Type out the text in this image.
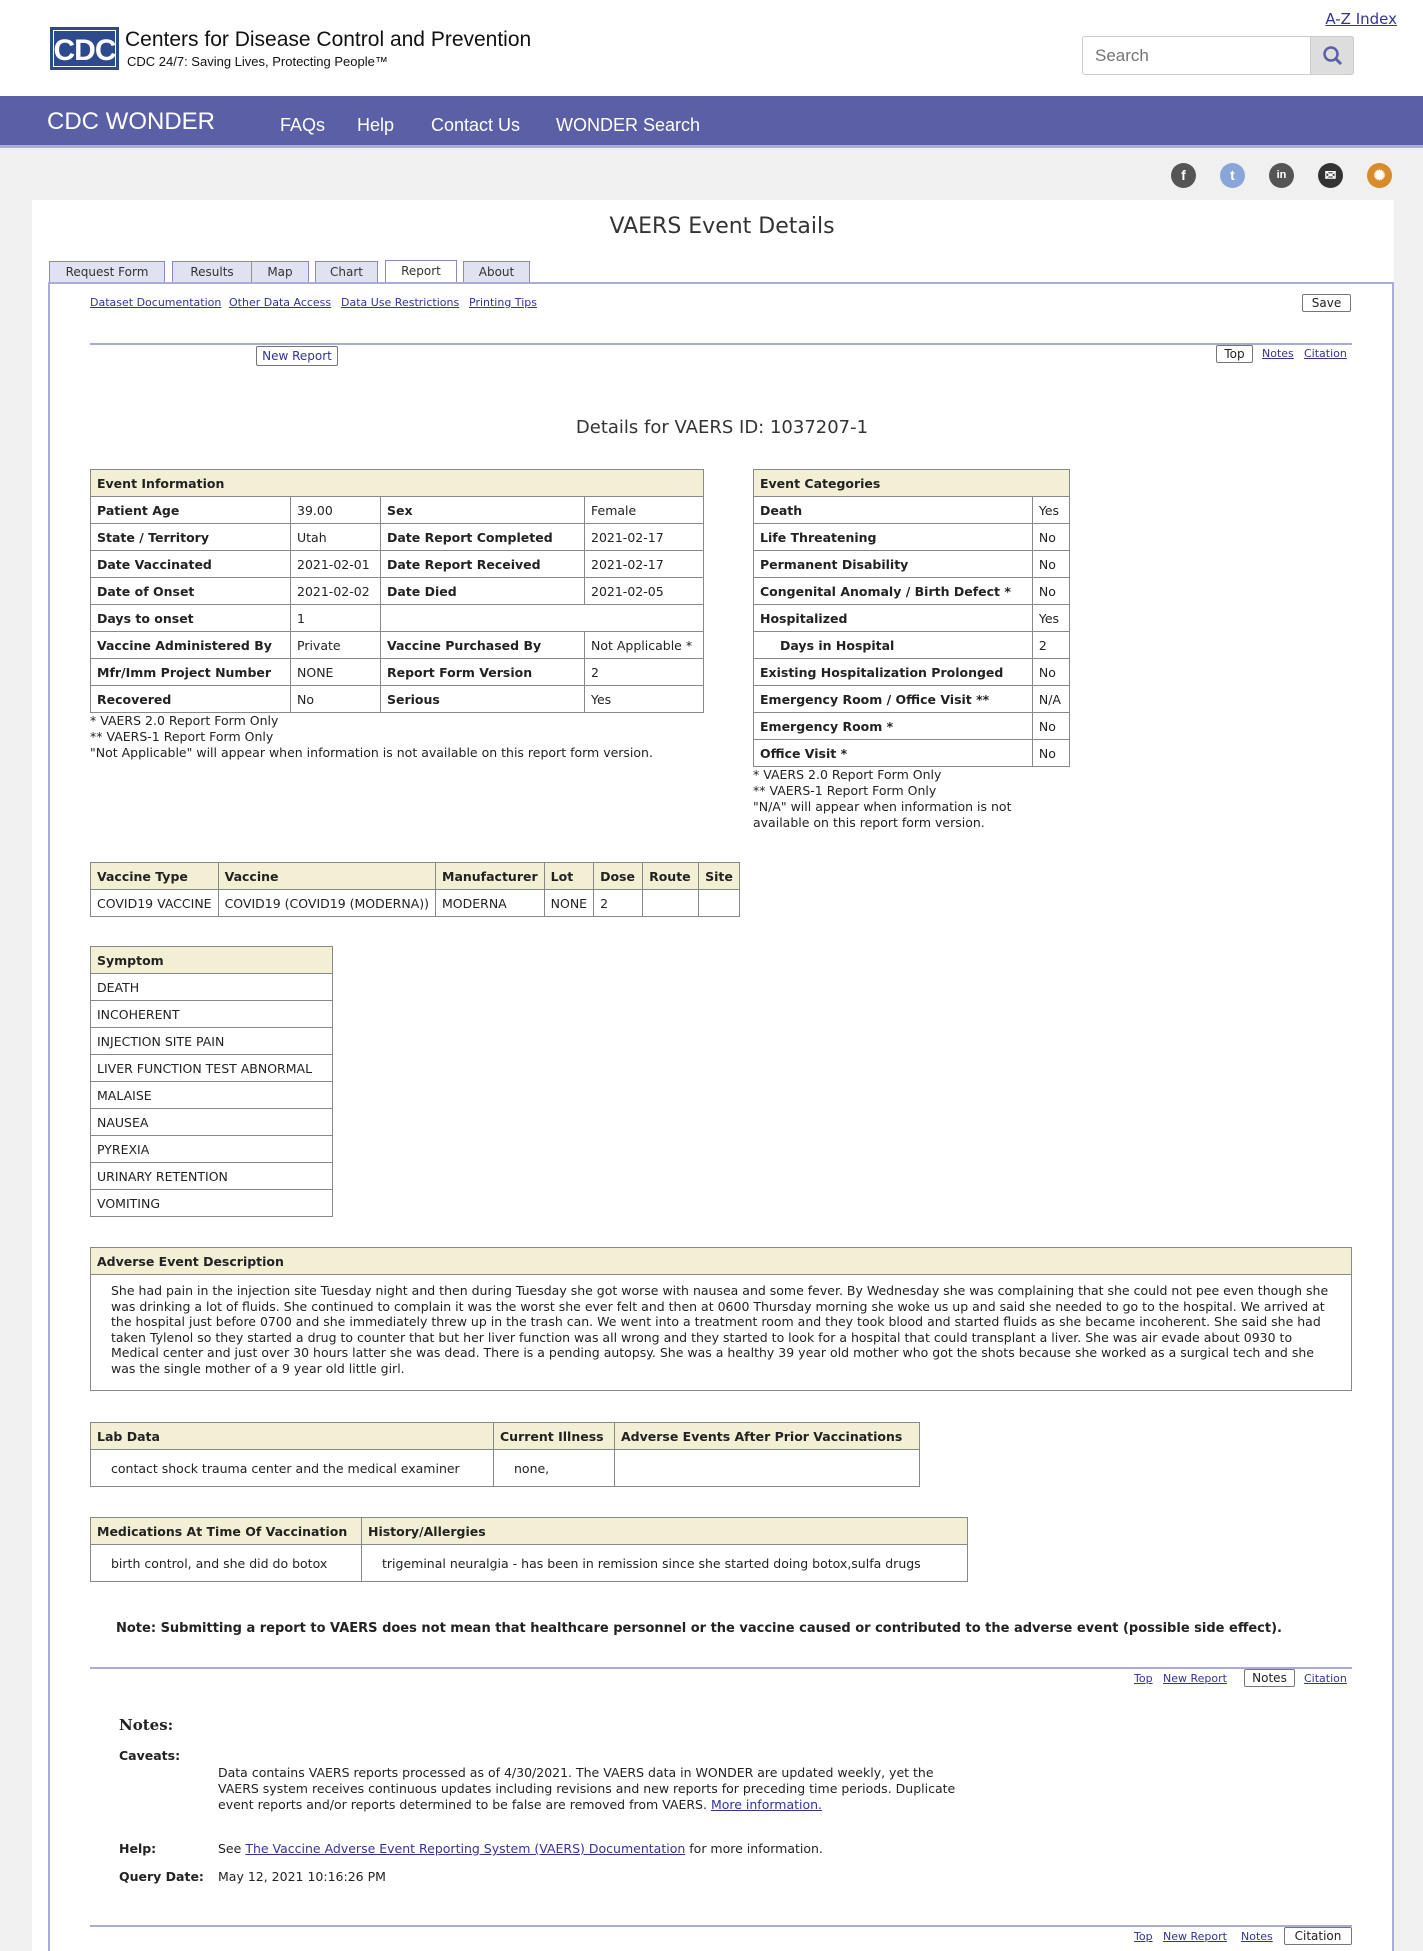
CDC Centers for Disease Control and Prevention
CDC 24/7: Saving Lives, Protecting People™
A-Z Index
Search
CDC WONDER	FAQs Help Contact Us WONDER Search
f	t	in	✉	✺
VAERS Event Details
Request Form	Results	Map	Chart	Report	About
Dataset Documentation Other Data Access Data Use Restrictions Printing Tips	Save
New Report	Top	Notes Citation
Details for VAERS ID: 1037207-1
Event Information			
Patient Age	39.00	Sex	Female
State / Territory	Utah	Date Report Completed	2021-02-17
Date Vaccinated	2021-02-01	Date Report Received	2021-02-17
Date of Onset	2021-02-02	Date Died	2021-02-05
Days to onset	1		
Vaccine Administered By	Private	Vaccine Purchased By	Not Applicable *
Mfr/Imm Project Number	NONE	Report Form Version	2
Recovered	No	Serious	Yes
* VAERS 2.0 Report Form Only
** VAERS-1 Report Form Only
"Not Applicable" will appear when information is not available on this report form version.
Event Categories	
Death	Yes
Life Threatening	No
Permanent Disability	No
Congenital Anomaly / Birth Defect *	No
Hospitalized	Yes
Days in Hospital	2
Existing Hospitalization Prolonged	No
Emergency Room / Office Visit **	N/A
Emergency Room *	No
Office Visit *	No
* VAERS 2.0 Report Form Only
** VAERS-1 Report Form Only
"N/A" will appear when information is not
available on this report form version.
Vaccine Type	Vaccine	Manufacturer	Lot	Dose	Route	Site
COVID19 VACCINE	COVID19 (COVID19 (MODERNA))	MODERNA	NONE	2		
Symptom
DEATH
INCOHERENT
INJECTION SITE PAIN
LIVER FUNCTION TEST ABNORMAL
MALAISE
NAUSEA
PYREXIA
URINARY RETENTION
VOMITING
Adverse Event Description
She had pain in the injection site Tuesday night and then during Tuesday she got worse with nausea and some fever. By Wednesday she was complaining that she could not pee even though she was drinking a lot of fluids. She continued to complain it was the worst she ever felt and then at 0600 Thursday morning she woke us up and said she needed to go to the hospital. We arrived at the hospital just before 0700 and she immediately threw up in the trash can. We went into a treatment room and they took blood and started fluids as she became incoherent. She said she had taken Tylenol so they started a drug to counter that but her liver function was all wrong and they started to look for a hospital that could transplant a liver. She was air evade about 0930 to Medical center and just over 30 hours latter she was dead. There is a pending autopsy. She was a healthy 39 year old mother who got the shots because she worked as a surgical tech and she was the single mother of a 9 year old little girl.
Lab Data	Current Illness	Adverse Events After Prior Vaccinations
contact shock trauma center and the medical examiner	none,	
Medications At Time Of Vaccination	History/Allergies
birth control, and she did do botox	trigeminal neuralgia - has been in remission since she started doing botox,sulfa drugs
Note: Submitting a report to VAERS does not mean that healthcare personnel or the vaccine caused or contributed to the adverse event (possible side effect).
Top New Report	Notes	Citation
Notes:
Caveats:
Data contains VAERS reports processed as of 4/30/2021. The VAERS data in WONDER are updated weekly, yet the
VAERS system receives continuous updates including revisions and new reports for preceding time periods. Duplicate
event reports and/or reports determined to be false are removed from VAERS. More information.
Help:	See The Vaccine Adverse Event Reporting System (VAERS) Documentation for more information.
Query Date: May 12, 2021 10:16:26 PM
Top New Report Notes	Citation
